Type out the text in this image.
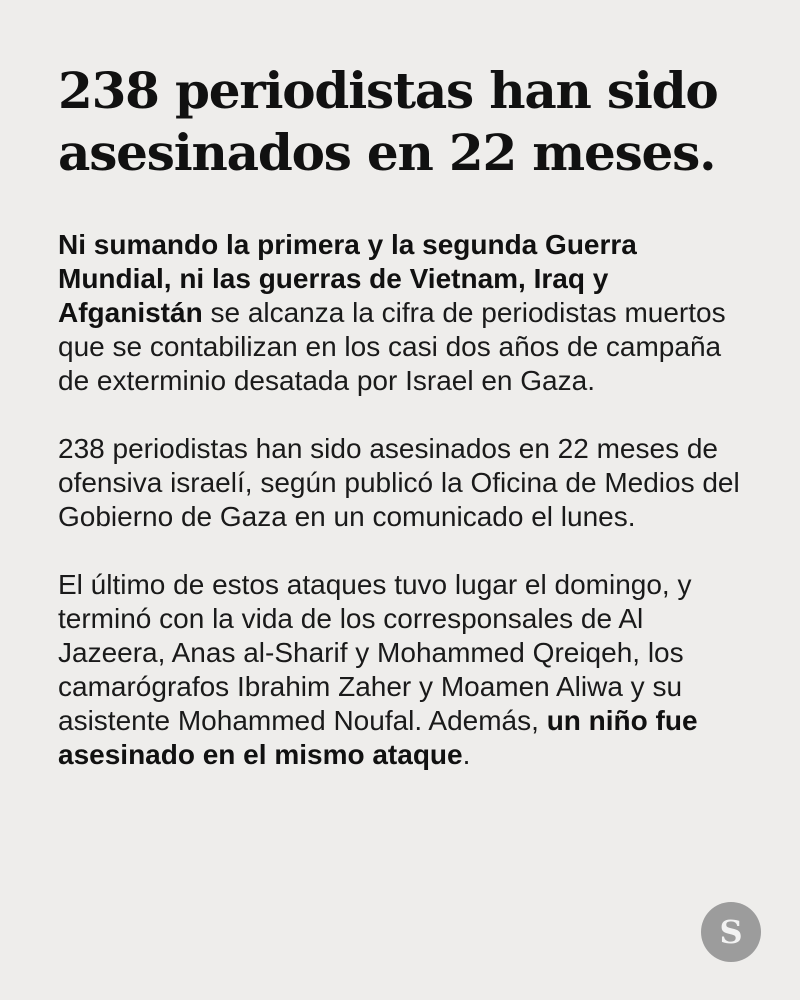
238 periodistas han sido
asesinados en 22 meses.

Ni sumando la primera y la segunda Guerra Mundial, ni las guerras de Vietnam, Iraq y Afganistán se alcanza la cifra de periodistas muertos que se contabilizan en los casi dos años de campaña de exterminio desatada por Israel en Gaza.

238 periodistas han sido asesinados en 22 meses de ofensiva israelí, según publicó la Oficina de Medios del Gobierno de Gaza en un comunicado el lunes.

El último de estos ataques tuvo lugar el domingo, y terminó con la vida de los corresponsales de Al Jazeera, Anas al-Sharif y Mohammed Qreiqeh, los camarógrafos Ibrahim Zaher y Moamen Aliwa y su asistente Mohammed Noufal. Además, un niño fue asesinado en el mismo ataque.

S
